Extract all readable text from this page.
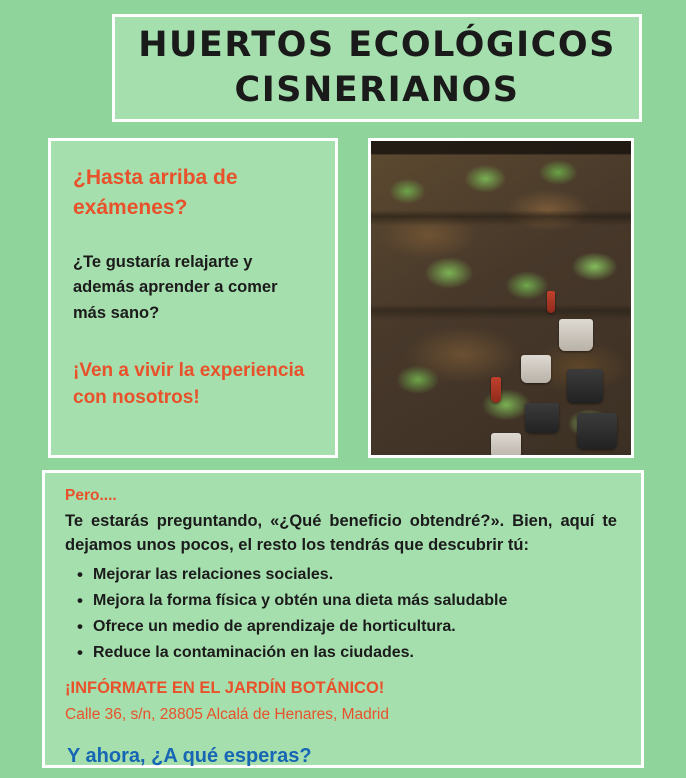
HUERTOS ECOLÓGICOS
CISNERIANOS

¿Hasta arriba de exámenes?

¿Te gustaría relajarte y además aprender a comer más sano?

¡Ven a vivir la experiencia con nosotros!

Pero....

Te estarás preguntando, «¿Qué beneficio obtendré?». Bien, aquí te dejamos unos pocos, el resto los tendrás que descubrir tú:

• Mejorar las relaciones sociales.
• Mejora la forma física y obtén una dieta más saludable
• Ofrece un medio de aprendizaje de horticultura.
• Reduce la contaminación en las ciudades.

¡INFÓRMATE EN EL JARDÍN BOTÁNICO!

Calle 36, s/n, 28805 Alcalá de Henares, Madrid

Y ahora, ¿A qué esperas?
